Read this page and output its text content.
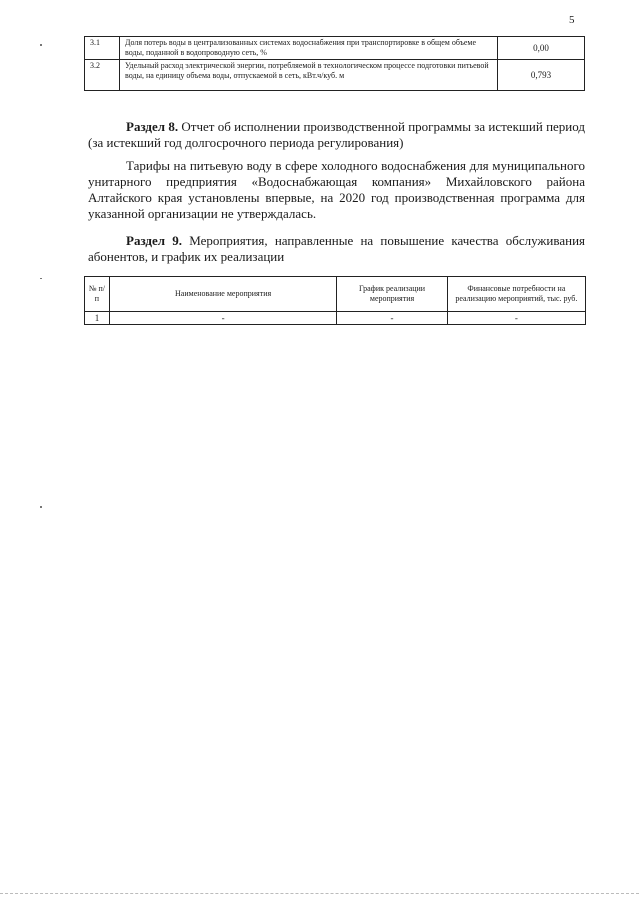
5
3.1	Доля потерь воды в централизованных системах водоснабжения при транспортировке в общем объеме воды, поданной в водопроводную сеть, %	0,00
3.2	Удельный расход электрической энергии, потребляемой в технологическом процессе подготовки питьевой воды, на единицу объема воды, отпускаемой в сеть, кВт.ч/куб. м	0,793
Раздел 8. Отчет об исполнении производственной программы за истекший период (за истекший год долгосрочного периода регулирования)
Тарифы на питьевую воду в сфере холодного водоснабжения для муниципального унитарного предприятия «Водоснабжающая компания» Михайловского района Алтайского края установлены впервые, на 2020 год производственная программа для указанной организации не утверждалась.
Раздел 9. Мероприятия, направленные на повышение качества обслуживания абонентов, и график их реализации
№ п/п	Наименование мероприятия	График реализации мероприятия	Финансовые потребности на реализацию мероприятий, тыс. руб.
1	-	-	-
